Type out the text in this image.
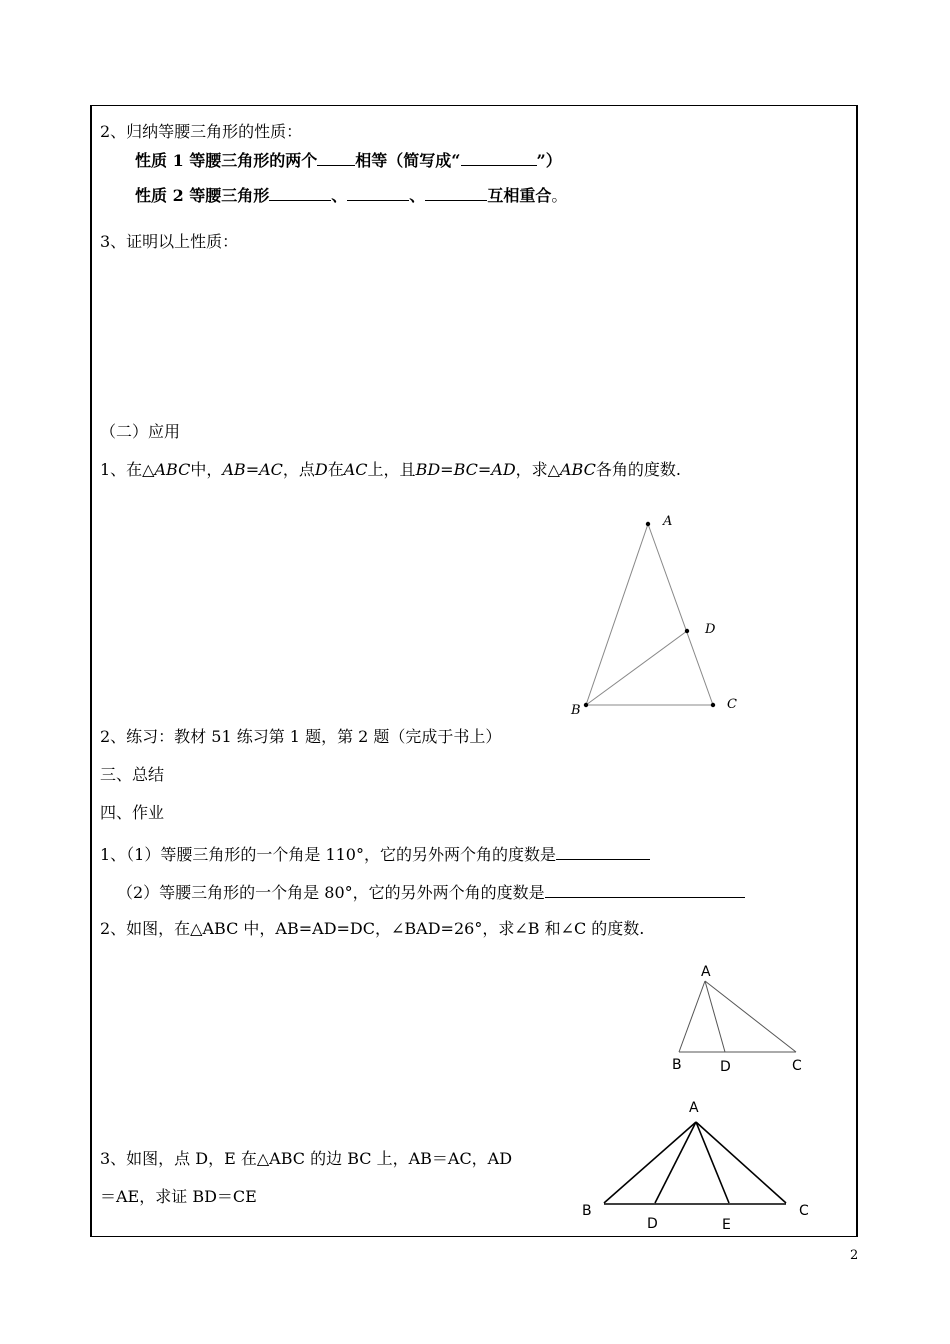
2、归纳等腰三角形的性质：
性质 1 等腰三角形的两个 相等（简写成“	”）
性质 2 等腰三角形	、	、	互相重合。
3、证明以上性质：
（二）应用
1、在△ABC中，AB=AC，点D在AC上，且BD=BC=AD，求△ABC各角的度数.
A
D
B	C
2、练习：教材 51 练习第 1 题，第 2 题（完成于书上）
三、总结
四、作业
1、（1）等腰三角形的一个角是 110°，它的另外两个角的度数是
（2）等腰三角形的一个角是 80°，它的另外两个角的度数是
2、如图，在△ABC 中，AB=AD=DC，∠BAD=26°，求∠B 和∠C 的度数.
A
B	D	C
3、如图，点 D，E 在△ABC 的边 BC 上，AB＝AC，AD
＝AE，求证 BD＝CE
A
B
D	E
C
2
